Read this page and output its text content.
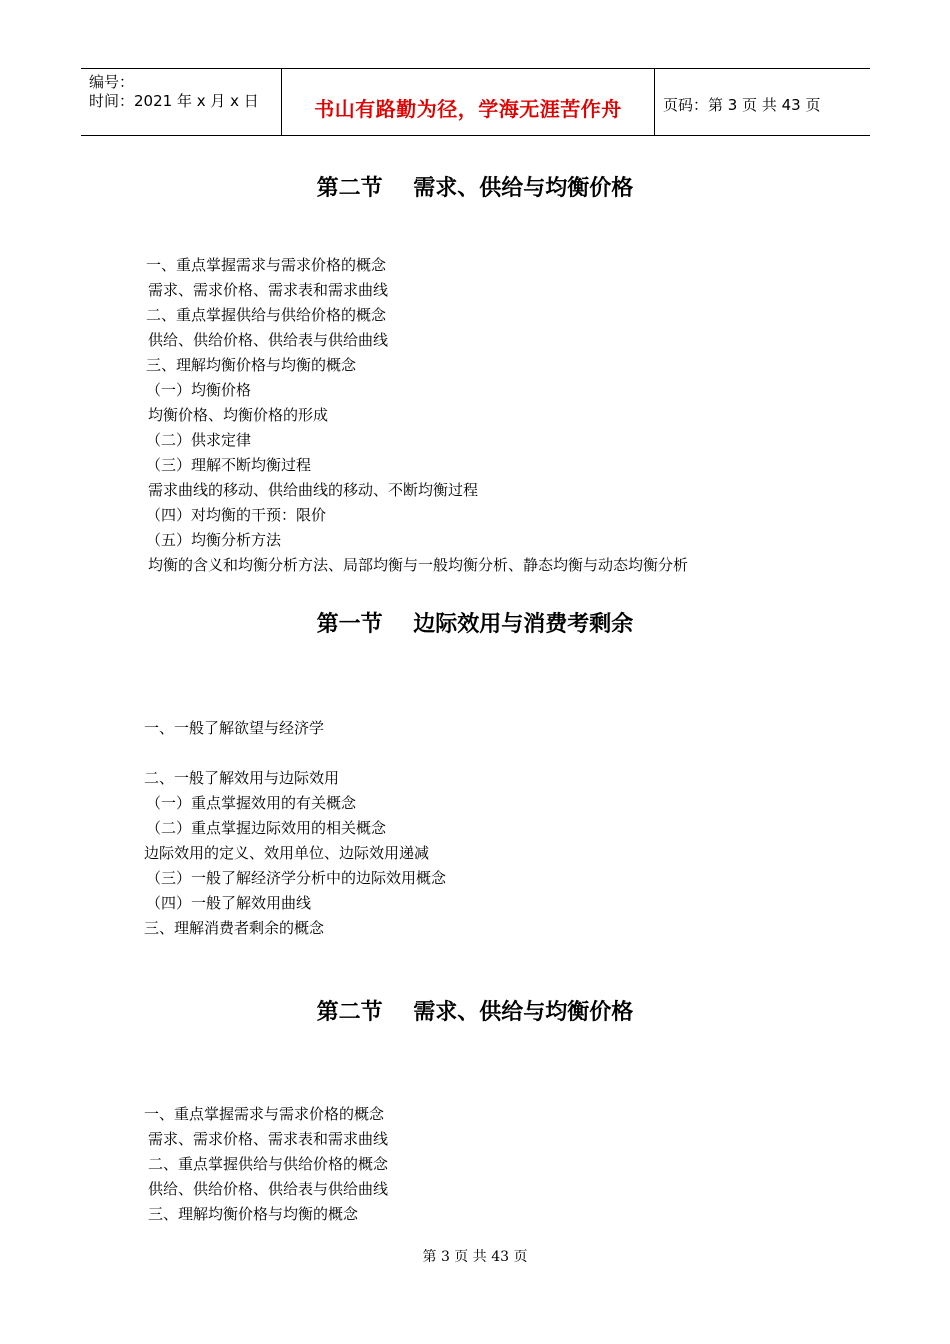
编号：
时间：2021 年 x 月 x 日	书山有路勤为径，学海无涯苦作舟	页码：第 3 页 共 43 页
第二节    需求、供给与均衡价格
一、重点掌握需求与需求价格的概念
需求、需求价格、需求表和需求曲线
二、重点掌握供给与供给价格的概念
供给、供给价格、供给表与供给曲线
三、理解均衡价格与均衡的概念
（一）均衡价格
均衡价格、均衡价格的形成
（二）供求定律
（三）理解不断均衡过程
需求曲线的移动、供给曲线的移动、不断均衡过程
（四）对均衡的干预：限价
（五）均衡分析方法
均衡的含义和均衡分析方法、局部均衡与一般均衡分析、静态均衡与动态均衡分析
第一节    边际效用与消费考剩余
一、一般了解欲望与经济学
二、一般了解效用与边际效用
（一）重点掌握效用的有关概念
（二）重点掌握边际效用的相关概念
边际效用的定义、效用单位、边际效用递减
（三）一般了解经济学分析中的边际效用概念
（四）一般了解效用曲线
三、理解消费者剩余的概念
第二节    需求、供给与均衡价格
一、重点掌握需求与需求价格的概念
需求、需求价格、需求表和需求曲线
二、重点掌握供给与供给价格的概念
供给、供给价格、供给表与供给曲线
三、理解均衡价格与均衡的概念
第 3 页 共 43 页
